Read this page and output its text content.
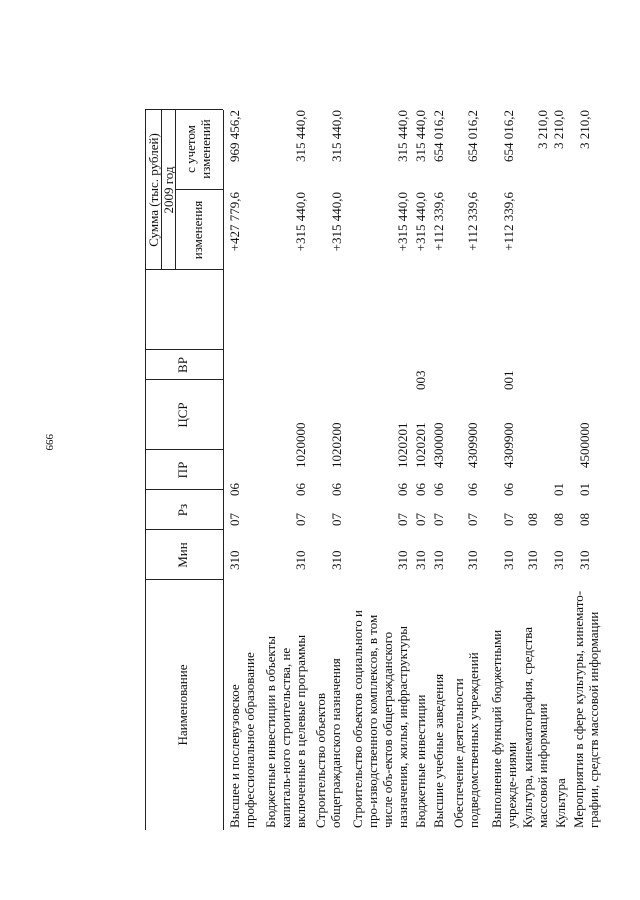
999
Наименование
Мин
Рз
ПР
ЦСР
ВР
Сумма (тыс. рублей) 2009 год
изменения
с учетом изменений
Высшее и послевузовское профессиональное образование
310
07
06
+427 779,6
969 456,2
Бюджетные инвестиции в объекты капиталь-ного строительства, не включенные в целевые программы
310
07
06
1020000
+315 440,0
315 440,0
Строительство объектов общегражданского назначения
310
07
06
1020200
+315 440,0
315 440,0
Строительство объектов социального и про-изводственного комплексов, в том числе объ-ектов общегражданского назначения, жилья, инфраструктуры
310
07
06
1020201
+315 440,0
315 440,0
Бюджетные инвестиции
310
07
06
1020201
003
+315 440,0
315 440,0
Высшие учебные заведения
310
07
06
4300000
+112 339,6
654 016,2
Обеспечение деятельности подведомственных учреждений
310
07
06
4309900
+112 339,6
654 016,2
Выполнение функций бюджетными учрежде-ниями
310
07
06
4309900
001
+112 339,6
654 016,2
Культура, кинематография, средства массовой информации
310
08
3 210,0
Культура
310
08
01
3 210,0
Мероприятия в сфере культуры, кинемато-графии, средств массовой информации
310
08
01
4500000
3 210,0
